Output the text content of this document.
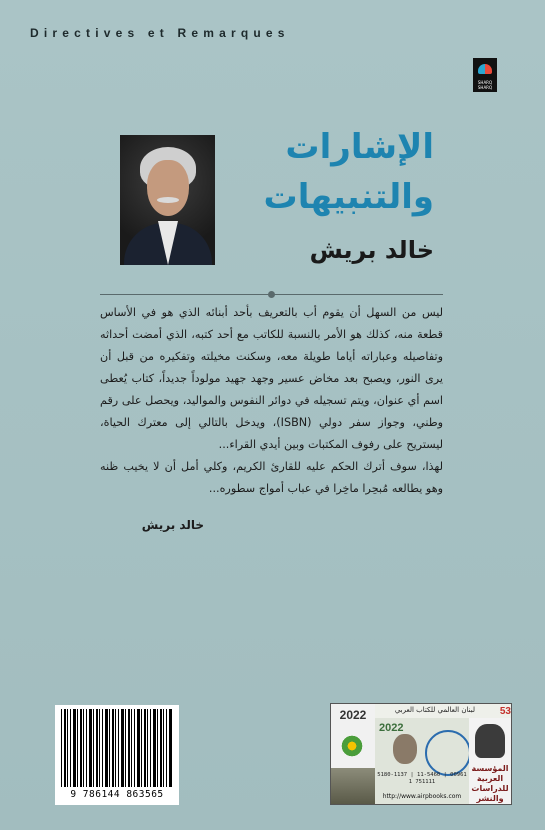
Directives et Remarques
SHARQ SHARQ
الإشارات
والتنبيهات
خالد بريش

ليس من السهل أن يقوم أب بالتعريف بأحد أبنائه الذي هو في الأساس قطعة منه، كذلك هو الأمر بالنسبة للكاتب مع أحد كتبه، الذي أمضت أحداثه وتفاصيله وعباراته أياما طويلة معه، وسكنت مخيلته وتفكيره من قبل أن يرى النور، ويصبح بعد مخاض عسير وجهد جهيد مولوداً جديداً، كتاب يُعطى اسم أي عنوان، ويتم تسجيله في دوائر النفوس والمواليد، ويحصل على رقم وطني، وجواز سفر دولي (ISBN)، ويدخل بالتالي إلى معترك الحياة، ليستريح على رفوف المكتبات وبين أيدي القراء...

لهذا، سوف أترك الحكم عليه للقارئ الكريم، وكلي أمل أن لا يخيب ظنه وهو يطالعه مُبحِرا ماخِرا في عباب أمواج سطوره...

خالد بريش
9 786144 863565
2022	لبنان العالمي للكتاب العربي	53
2022
المؤسسة العربية للدراسات والنشر
5180-1137 | 11-5460 | 00961 1 751111
http://www.airpbooks.com
